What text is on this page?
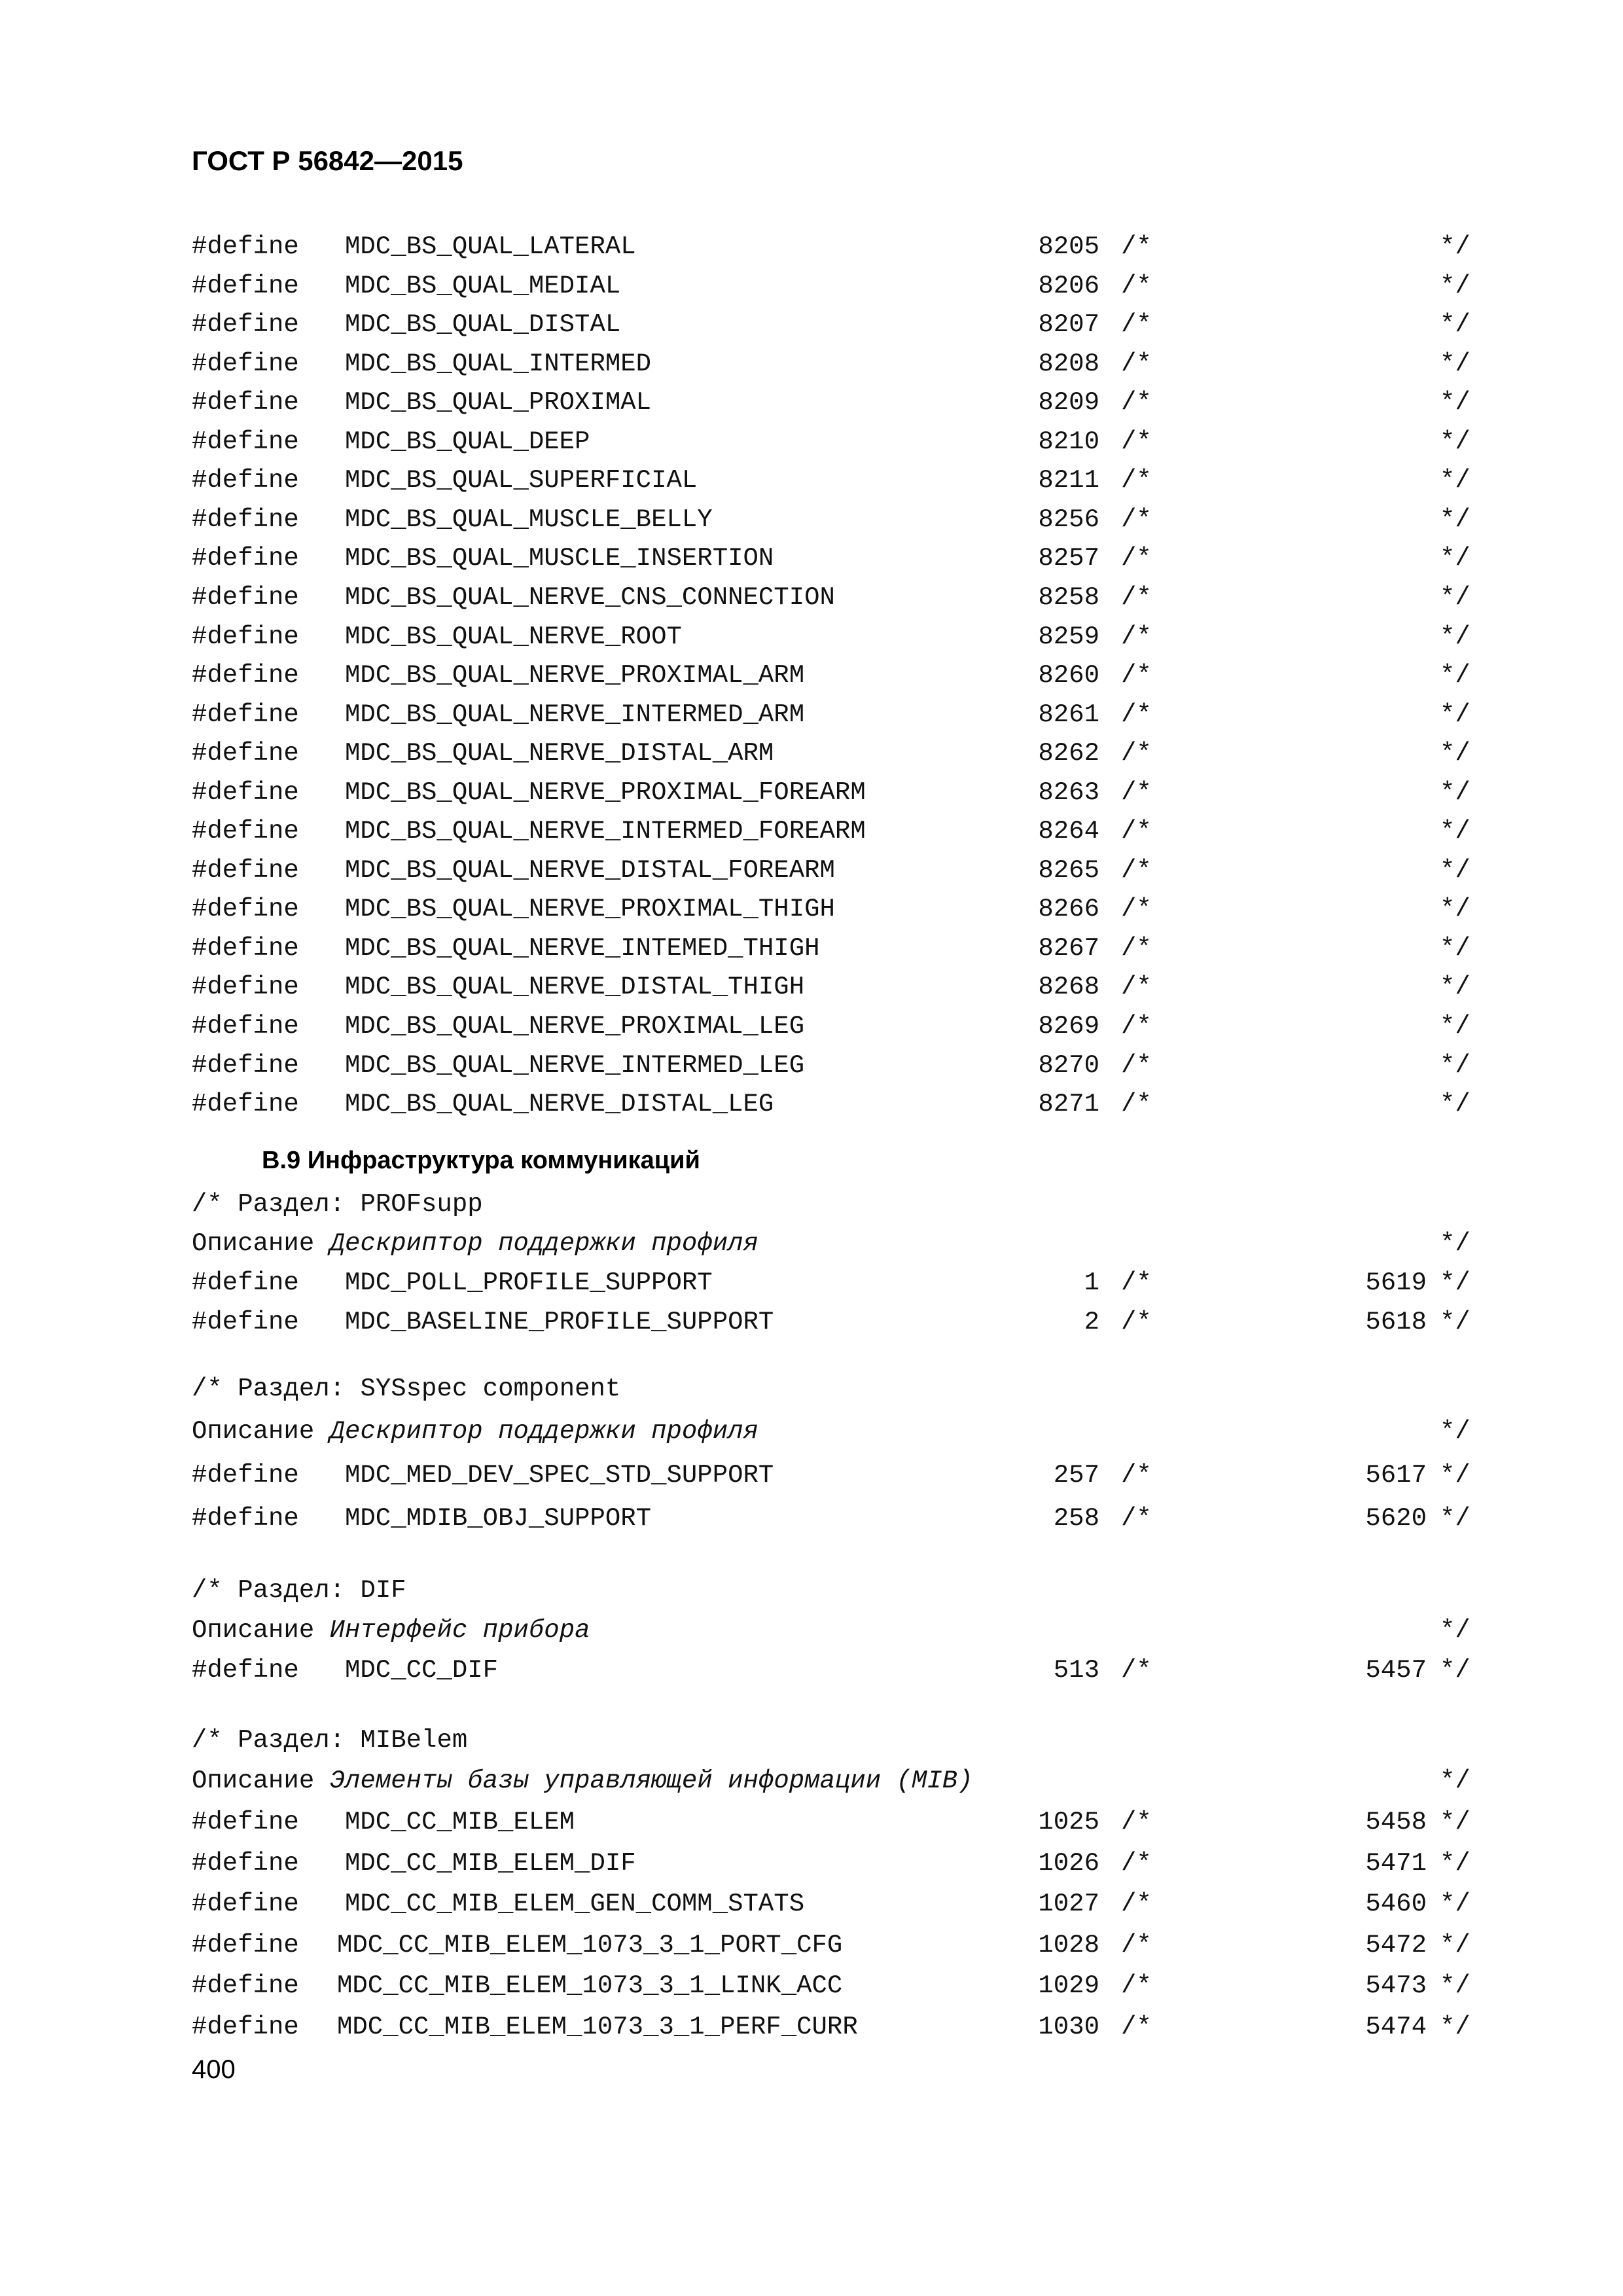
ГОСТ Р 56842—2015
#define MDC_BS_QUAL_LATERAL	8205 /*	*/
#define MDC_BS_QUAL_MEDIAL	8206 /*	*/
#define MDC_BS_QUAL_DISTAL	8207 /*	*/
#define MDC_BS_QUAL_INTERMED	8208 /*	*/
#define MDC_BS_QUAL_PROXIMAL	8209 /*	*/
#define MDC_BS_QUAL_DEEP	8210 /*	*/
#define MDC_BS_QUAL_SUPERFICIAL	8211 /*	*/
#define MDC_BS_QUAL_MUSCLE_BELLY	8256 /*	*/
#define MDC_BS_QUAL_MUSCLE_INSERTION	8257 /*	*/
#define MDC_BS_QUAL_NERVE_CNS_CONNECTION	8258 /*	*/
#define MDC_BS_QUAL_NERVE_ROOT	8259 /*	*/
#define MDC_BS_QUAL_NERVE_PROXIMAL_ARM	8260 /*	*/
#define MDC_BS_QUAL_NERVE_INTERMED_ARM	8261 /*	*/
#define MDC_BS_QUAL_NERVE_DISTAL_ARM	8262 /*	*/
#define MDC_BS_QUAL_NERVE_PROXIMAL_FOREARM	8263 /*	*/
#define MDC_BS_QUAL_NERVE_INTERMED_FOREARM	8264 /*	*/
#define MDC_BS_QUAL_NERVE_DISTAL_FOREARM	8265 /*	*/
#define MDC_BS_QUAL_NERVE_PROXIMAL_THIGH	8266 /*	*/
#define MDC_BS_QUAL_NERVE_INTEMED_THIGH	8267 /*	*/
#define MDC_BS_QUAL_NERVE_DISTAL_THIGH	8268 /*	*/
#define MDC_BS_QUAL_NERVE_PROXIMAL_LEG	8269 /*	*/
#define MDC_BS_QUAL_NERVE_INTERMED_LEG	8270 /*	*/
#define MDC_BS_QUAL_NERVE_DISTAL_LEG	8271 /*	*/
В.9 Инфраструктура коммуникаций
/* Раздел: PROFsupp
Описание Дескриптор поддержки профиля	*/
#define MDC_POLL_PROFILE_SUPPORT	1 /*	5619 */
#define MDC_BASELINE_PROFILE_SUPPORT	2 /*	5618 */
/* Раздел: SYSspec component
Описание Дескриптор поддержки профиля	*/
#define MDC_MED_DEV_SPEC_STD_SUPPORT	257 /*	5617 */
#define MDC_MDIB_OBJ_SUPPORT	258 /*	5620 */
/* Раздел: DIF
Описание Интерфейс прибора	*/
#define MDC_CC_DIF	513 /*	5457 */
/* Раздел: MIBelem
Описание Элементы базы управляющей информации (MIB)	*/
#define MDC_CC_MIB_ELEM	1025 /*	5458 */
#define MDC_CC_MIB_ELEM_DIF	1026 /*	5471 */
#define MDC_CC_MIB_ELEM_GEN_COMM_STATS	1027 /*	5460 */
#define MDC_CC_MIB_ELEM_1073_3_1_PORT_CFG	1028 /*	5472 */
#define MDC_CC_MIB_ELEM_1073_3_1_LINK_ACC	1029 /*	5473 */
#define MDC_CC_MIB_ELEM_1073_3_1_PERF_CURR	1030 /*	5474 */
400
